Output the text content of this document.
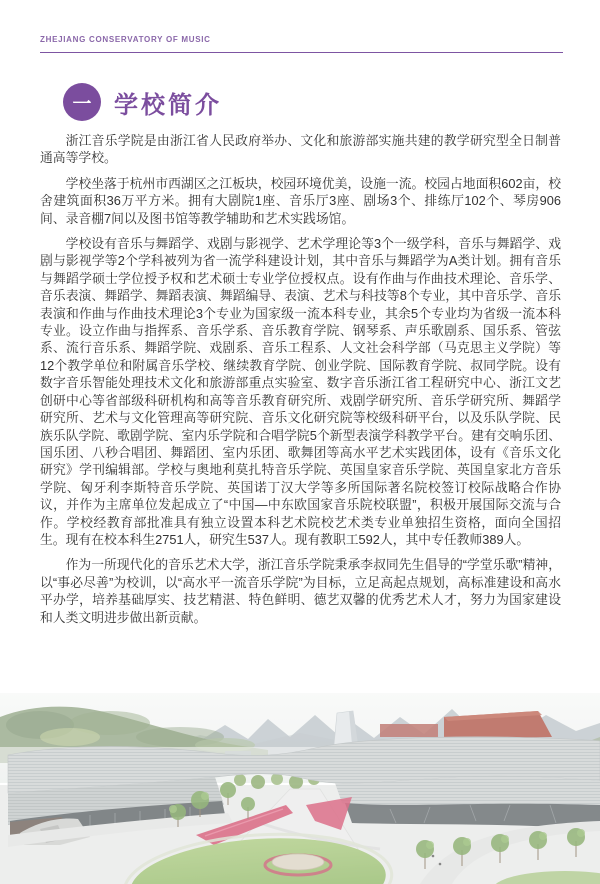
ZHEJIANG CONSERVATORY OF MUSIC
一 学校简介

浙江音乐学院是由浙江省人民政府举办、文化和旅游部实施共建的教学研究型全日制普通高等学校。

学校坐落于杭州市西湖区之江板块，校园环境优美，设施一流。校园占地面积602亩，校舍建筑面积36万平方米。拥有大剧院1座、音乐厅3座、剧场3个、排练厅102个、琴房906间、录音棚7间以及图书馆等教学辅助和艺术实践场馆。

学校设有音乐与舞蹈学、戏剧与影视学、艺术学理论等3个一级学科，音乐与舞蹈学、戏剧与影视学等2个学科被列为省一流学科建设计划，其中音乐与舞蹈学为A类计划。拥有音乐与舞蹈学硕士学位授予权和艺术硕士专业学位授权点。设有作曲与作曲技术理论、音乐学、音乐表演、舞蹈学、舞蹈表演、舞蹈编导、表演、艺术与科技等8个专业，其中音乐学、音乐表演和作曲与作曲技术理论3个专业为国家级一流本科专业，其余5个专业均为省级一流本科专业。设立作曲与指挥系、音乐学系、音乐教育学院、钢琴系、声乐歌剧系、国乐系、管弦系、流行音乐系、舞蹈学院、戏剧系、音乐工程系、人文社会科学部（马克思主义学院）等12个教学单位和附属音乐学校、继续教育学院、创业学院、国际教育学院、叔同学院。设有数字音乐智能处理技术文化和旅游部重点实验室、数字音乐浙江省工程研究中心、浙江文艺创研中心等省部级科研机构和高等音乐教育研究所、戏剧学研究所、音乐学研究所、舞蹈学研究所、艺术与文化管理高等研究院、音乐文化研究院等校级科研平台，以及乐队学院、民族乐队学院、歌剧学院、室内乐学院和合唱学院5个新型表演学科教学平台。建有交响乐团、国乐团、八秒合唱团、舞蹈团、室内乐团、歌舞团等高水平艺术实践团体，设有《音乐文化研究》学刊编辑部。学校与奥地利莫扎特音乐学院、英国皇家音乐学院、英国皇家北方音乐学院、匈牙利李斯特音乐学院、英国诺丁汉大学等多所国际著名院校签订校际战略合作协议，并作为主席单位发起成立了“中国—中东欧国家音乐院校联盟”，积极开展国际交流与合作。学校经教育部批准具有独立设置本科艺术院校艺术类专业单独招生资格，面向全国招生。现有在校本科生2751人，研究生537人。现有教职工592人，其中专任教师389人。

作为一所现代化的音乐艺术大学，浙江音乐学院秉承李叔同先生倡导的“学堂乐歌”精神，以“事必尽善”为校训，以“高水平一流音乐学院”为目标，立足高起点规划，高标准建设和高水平办学，培养基础厚实、技艺精湛、特色鲜明、德艺双馨的优秀艺术人才，努力为国家建设和人类文明进步做出新贡献。
